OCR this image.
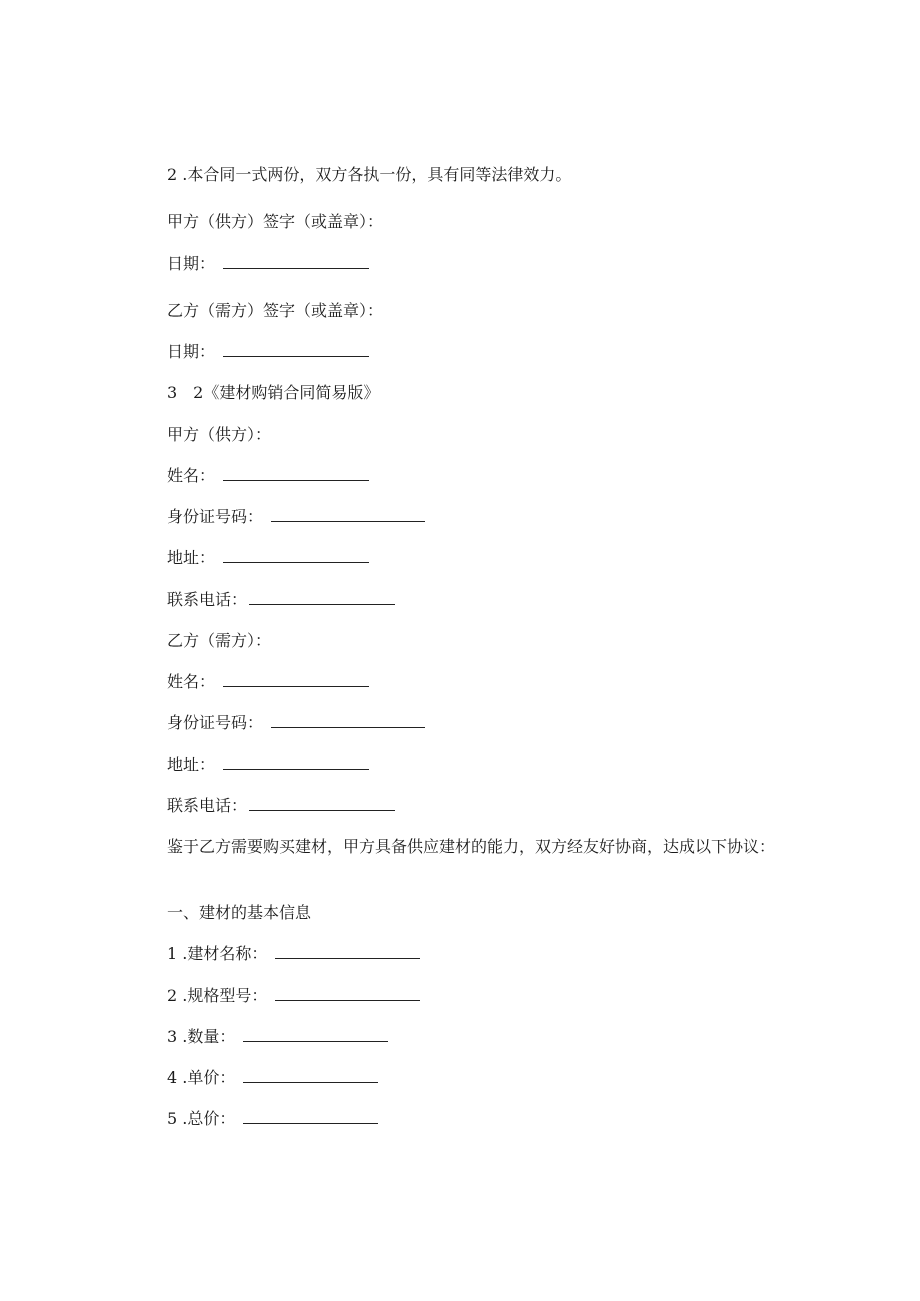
2 .本合同一式两份，双方各执一份，具有同等法律效力。
甲方（供方）签字（或盖章）：
日期：
乙方（需方）签字（或盖章）：
日期：
3　2《建材购销合同简易版》
甲方（供方）：
姓名：
身份证号码：
地址：
联系电话：
乙方（需方）：
姓名：
身份证号码：
地址：
联系电话：
鉴于乙方需要购买建材，甲方具备供应建材的能力，双方经友好协商，达成以下协议：
一、建材的基本信息
1 .建材名称：
2 .规格型号：
3 .数量：
4 .单价：
5 .总价：
